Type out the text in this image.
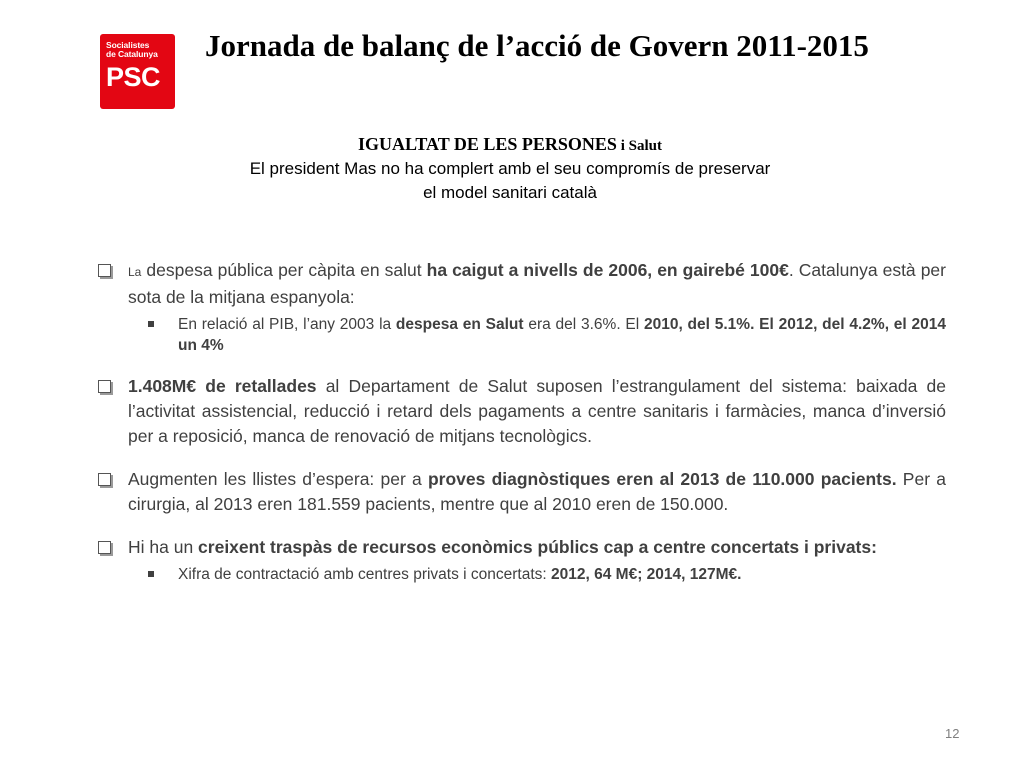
Socialistes
de Catalunya
PSC
Jornada de balanç de l’acció de Govern 2011-2015
IGUALTAT DE LES PERSONES i Salut
El president Mas no ha complert amb el seu compromís de preservar
el model sanitari català
La despesa pública per càpita en salut ha caigut a nivells de 2006, en gairebé 100€. Catalunya està per sota de la mitjana espanyola:
En relació al PIB, l’any 2003 la despesa en Salut era del 3.6%. El 2010, del 5.1%. El 2012, del 4.2%, el 2014 un 4%
1.408M€ de retallades al Departament de Salut suposen l’estrangulament del sistema: baixada de l’activitat assistencial, reducció i retard dels pagaments a centre sanitaris i farmàcies, manca d’inversió per a reposició, manca de renovació de mitjans tecnològics.
Augmenten les llistes d’espera: per a proves diagnòstiques eren al 2013 de 110.000 pacients. Per a cirurgia, al 2013 eren 181.559 pacients, mentre que al 2010 eren de 150.000.
Hi ha un creixent traspàs de recursos econòmics públics cap a centre concertats i privats:
Xifra de contractació amb centres privats i concertats: 2012, 64 M€; 2014, 127M€.
12
